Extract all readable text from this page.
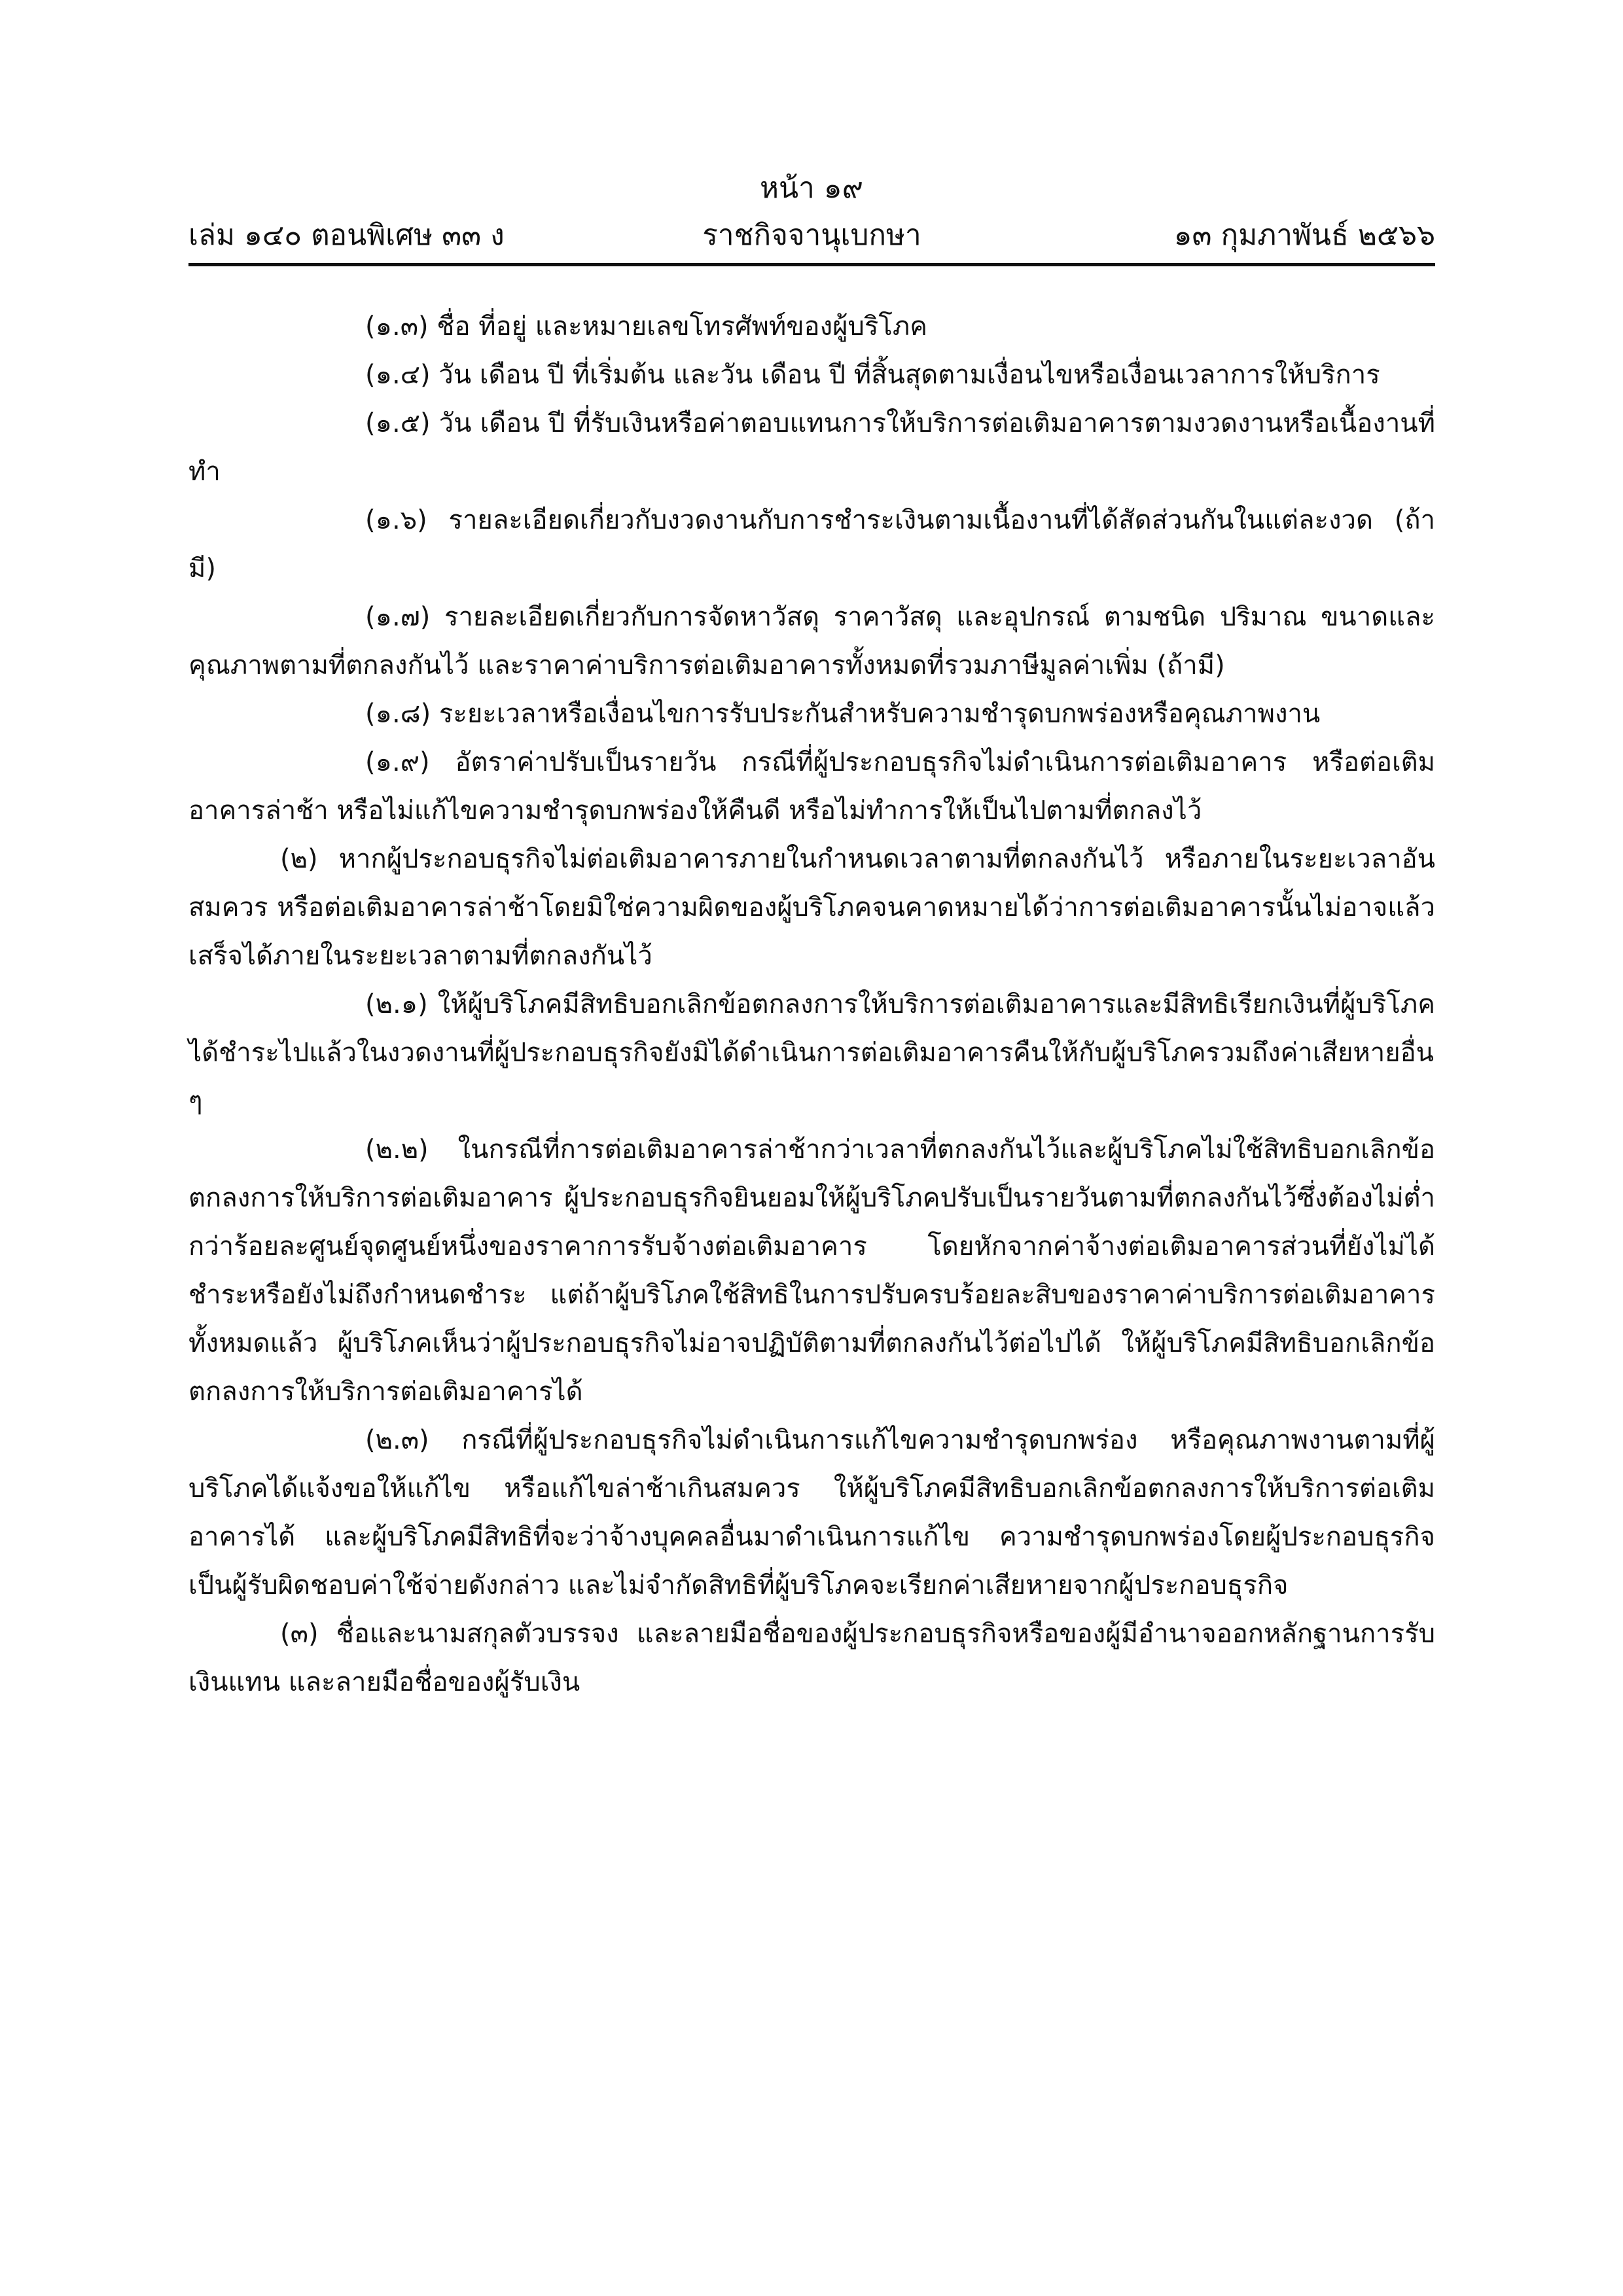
หน้า ๑๙
เล่ม ๑๔๐ ตอนพิเศษ ๓๓ ง	ราชกิจจานุเบกษา	๑๓ กุมภาพันธ์ ๒๕๖๖

(๑.๓) ชื่อ ที่อยู่ และหมายเลขโทรศัพท์ของผู้บริโภค

(๑.๔) วัน เดือน ปี ที่เริ่มต้น และวัน เดือน ปี ที่สิ้นสุดตามเงื่อนไขหรือเงื่อนเวลาการให้บริการ

(๑.๕) วัน เดือน ปี ที่รับเงินหรือค่าตอบแทนการให้บริการต่อเติมอาคารตามงวดงานหรือเนื้องานที่ทำ

(๑.๖) รายละเอียดเกี่ยวกับงวดงานกับการชำระเงินตามเนื้องานที่ได้สัดส่วนกันในแต่ละงวด (ถ้ามี)

(๑.๗) รายละเอียดเกี่ยวกับการจัดหาวัสดุ ราคาวัสดุ และอุปกรณ์ ตามชนิด ปริมาณ ขนาดและคุณภาพตามที่ตกลงกันไว้ และราคาค่าบริการต่อเติมอาคารทั้งหมดที่รวมภาษีมูลค่าเพิ่ม (ถ้ามี)

(๑.๘) ระยะเวลาหรือเงื่อนไขการรับประกันสำหรับความชำรุดบกพร่องหรือคุณภาพงาน

(๑.๙) อัตราค่าปรับเป็นรายวัน กรณีที่ผู้ประกอบธุรกิจไม่ดำเนินการต่อเติมอาคาร หรือต่อเติมอาคารล่าช้า หรือไม่แก้ไขความชำรุดบกพร่องให้คืนดี หรือไม่ทำการให้เป็นไปตามที่ตกลงไว้

(๒) หากผู้ประกอบธุรกิจไม่ต่อเติมอาคารภายในกำหนดเวลาตามที่ตกลงกันไว้ หรือภายในระยะเวลาอันสมควร หรือต่อเติมอาคารล่าช้าโดยมิใช่ความผิดของผู้บริโภคจนคาดหมายได้ว่าการต่อเติมอาคารนั้นไม่อาจแล้วเสร็จได้ภายในระยะเวลาตามที่ตกลงกันไว้

(๒.๑) ให้ผู้บริโภคมีสิทธิบอกเลิกข้อตกลงการให้บริการต่อเติมอาคารและมีสิทธิเรียกเงินที่ผู้บริโภคได้ชำระไปแล้วในงวดงานที่ผู้ประกอบธุรกิจยังมิได้ดำเนินการต่อเติมอาคารคืนให้กับผู้บริโภครวมถึงค่าเสียหายอื่น ๆ

(๒.๒) ในกรณีที่การต่อเติมอาคารล่าช้ากว่าเวลาที่ตกลงกันไว้และผู้บริโภคไม่ใช้สิทธิบอกเลิกข้อตกลงการให้บริการต่อเติมอาคาร ผู้ประกอบธุรกิจยินยอมให้ผู้บริโภคปรับเป็นรายวันตามที่ตกลงกันไว้ซึ่งต้องไม่ต่ำกว่าร้อยละศูนย์จุดศูนย์หนึ่งของราคาการรับจ้างต่อเติมอาคาร โดยหักจากค่าจ้างต่อเติมอาคารส่วนที่ยังไม่ได้ชำระหรือยังไม่ถึงกำหนดชำระ แต่ถ้าผู้บริโภคใช้สิทธิในการปรับครบร้อยละสิบของราคาค่าบริการต่อเติมอาคารทั้งหมดแล้ว ผู้บริโภคเห็นว่าผู้ประกอบธุรกิจไม่อาจปฏิบัติตามที่ตกลงกันไว้ต่อไปได้ ให้ผู้บริโภคมีสิทธิบอกเลิกข้อตกลงการให้บริการต่อเติมอาคารได้

(๒.๓) กรณีที่ผู้ประกอบธุรกิจไม่ดำเนินการแก้ไขความชำรุดบกพร่อง หรือคุณภาพงานตามที่ผู้บริโภคได้แจ้งขอให้แก้ไข หรือแก้ไขล่าช้าเกินสมควร ให้ผู้บริโภคมีสิทธิบอกเลิกข้อตกลงการให้บริการต่อเติมอาคารได้ และผู้บริโภคมีสิทธิที่จะว่าจ้างบุคคลอื่นมาดำเนินการแก้ไข ความชำรุดบกพร่องโดยผู้ประกอบธุรกิจเป็นผู้รับผิดชอบค่าใช้จ่ายดังกล่าว และไม่จำกัดสิทธิที่ผู้บริโภคจะเรียกค่าเสียหายจากผู้ประกอบธุรกิจ

(๓) ชื่อและนามสกุลตัวบรรจง และลายมือชื่อของผู้ประกอบธุรกิจหรือของผู้มีอำนาจออกหลักฐานการรับเงินแทน และลายมือชื่อของผู้รับเงิน
